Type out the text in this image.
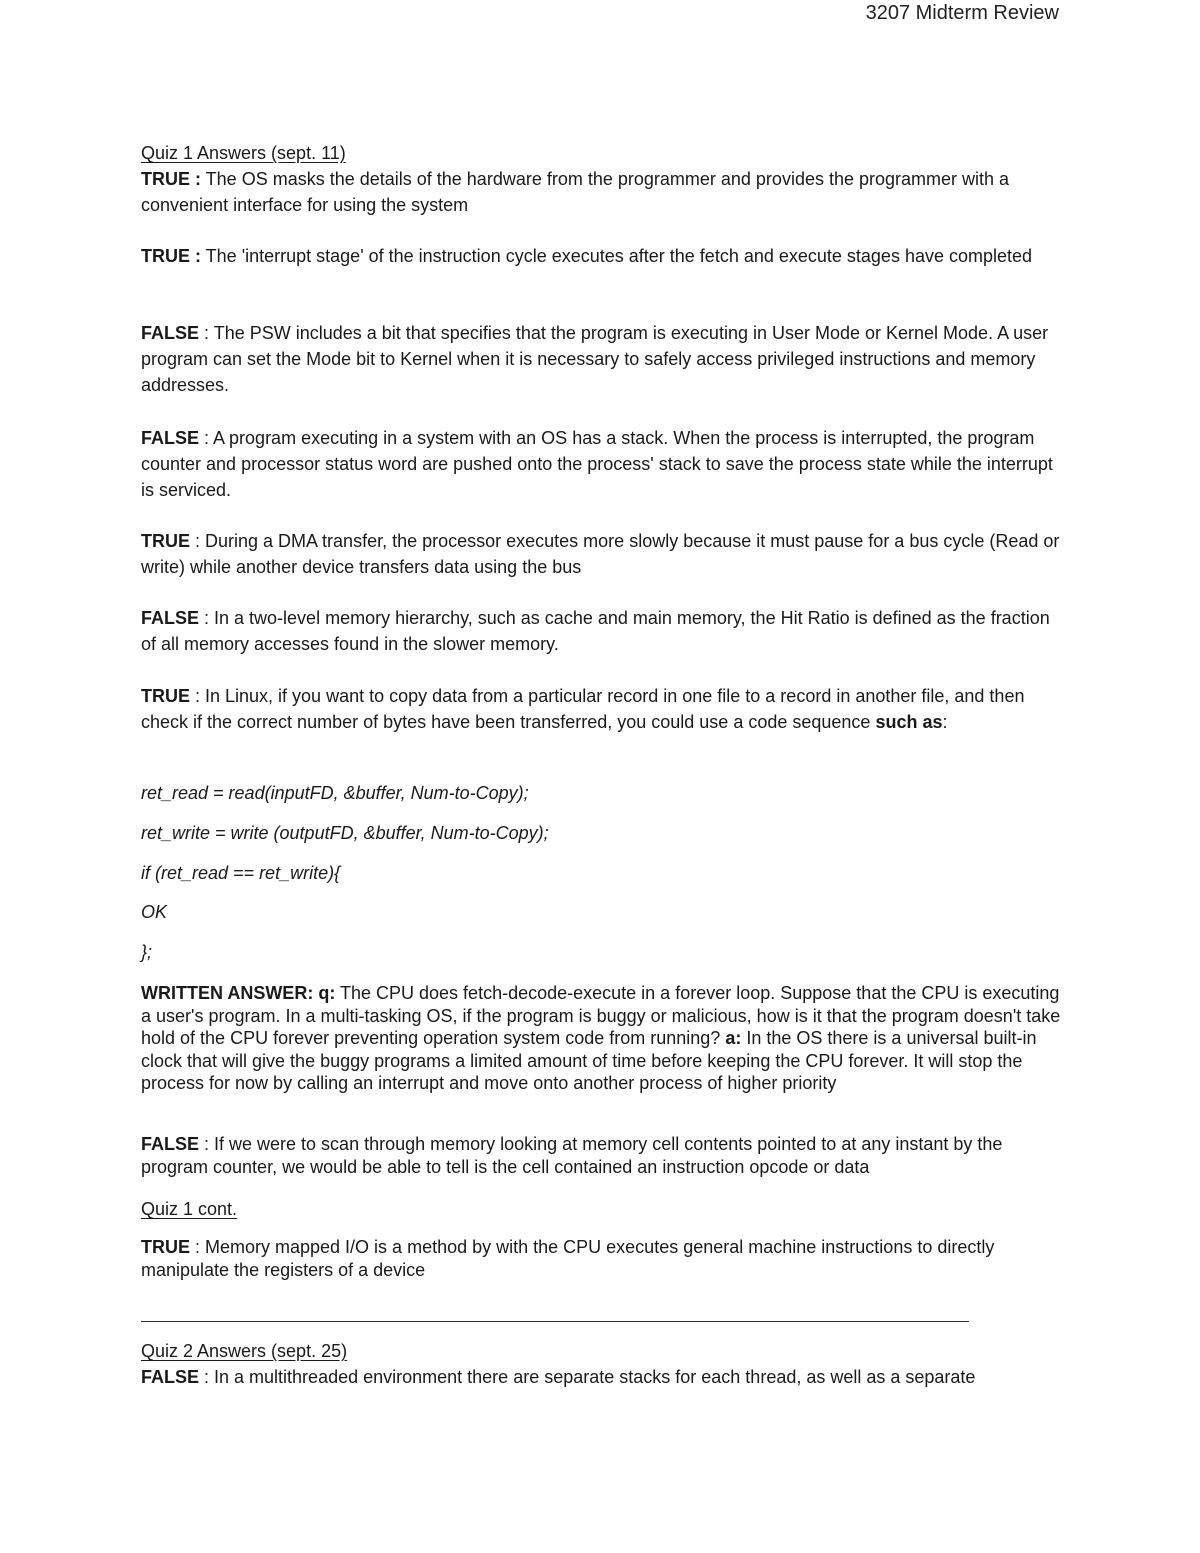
3207 Midterm Review

Quiz 1 Answers (sept. 11)

TRUE : The OS masks the details of the hardware from the programmer and provides the programmer with a convenient interface for using the system

TRUE : The 'interrupt stage' of the instruction cycle executes after the fetch and execute stages have completed

FALSE : The PSW includes a bit that specifies that the program is executing in User Mode or Kernel Mode. A user program can set the Mode bit to Kernel when it is necessary to safely access privileged instructions and memory addresses.

FALSE : A program executing in a system with an OS has a stack. When the process is interrupted, the program counter and processor status word are pushed onto the process' stack to save the process state while the interrupt is serviced.

TRUE : During a DMA transfer, the processor executes more slowly because it must pause for a bus cycle (Read or write) while another device transfers data using the bus

FALSE : In a two-level memory hierarchy, such as cache and main memory, the Hit Ratio is defined as the fraction of all memory accesses found in the slower memory.

TRUE : In Linux, if you want to copy data from a particular record in one file to a record in another file, and then check if the correct number of bytes have been transferred, you could use a code sequence such as:

ret_read = read(inputFD, &buffer, Num-to-Copy);

ret_write = write (outputFD, &buffer, Num-to-Copy);

if (ret_read == ret_write){

OK

};

WRITTEN ANSWER: q: The CPU does fetch-decode-execute in a forever loop. Suppose that the CPU is executing a user's program. In a multi-tasking OS, if the program is buggy or malicious, how is it that the program doesn't take hold of the CPU forever preventing operation system code from running? a: In the OS there is a universal built-in clock that will give the buggy programs a limited amount of time before keeping the CPU forever. It will stop the process for now by calling an interrupt and move onto another process of higher priority

FALSE : If we were to scan through memory looking at memory cell contents pointed to at any instant by the program counter, we would be able to tell is the cell contained an instruction opcode or data

Quiz 1 cont.

TRUE : Memory mapped I/O is a method by with the CPU executes general machine instructions to directly manipulate the registers of a device

Quiz 2 Answers (sept. 25)

FALSE : In a multithreaded environment there are separate stacks for each thread, as well as a separate
